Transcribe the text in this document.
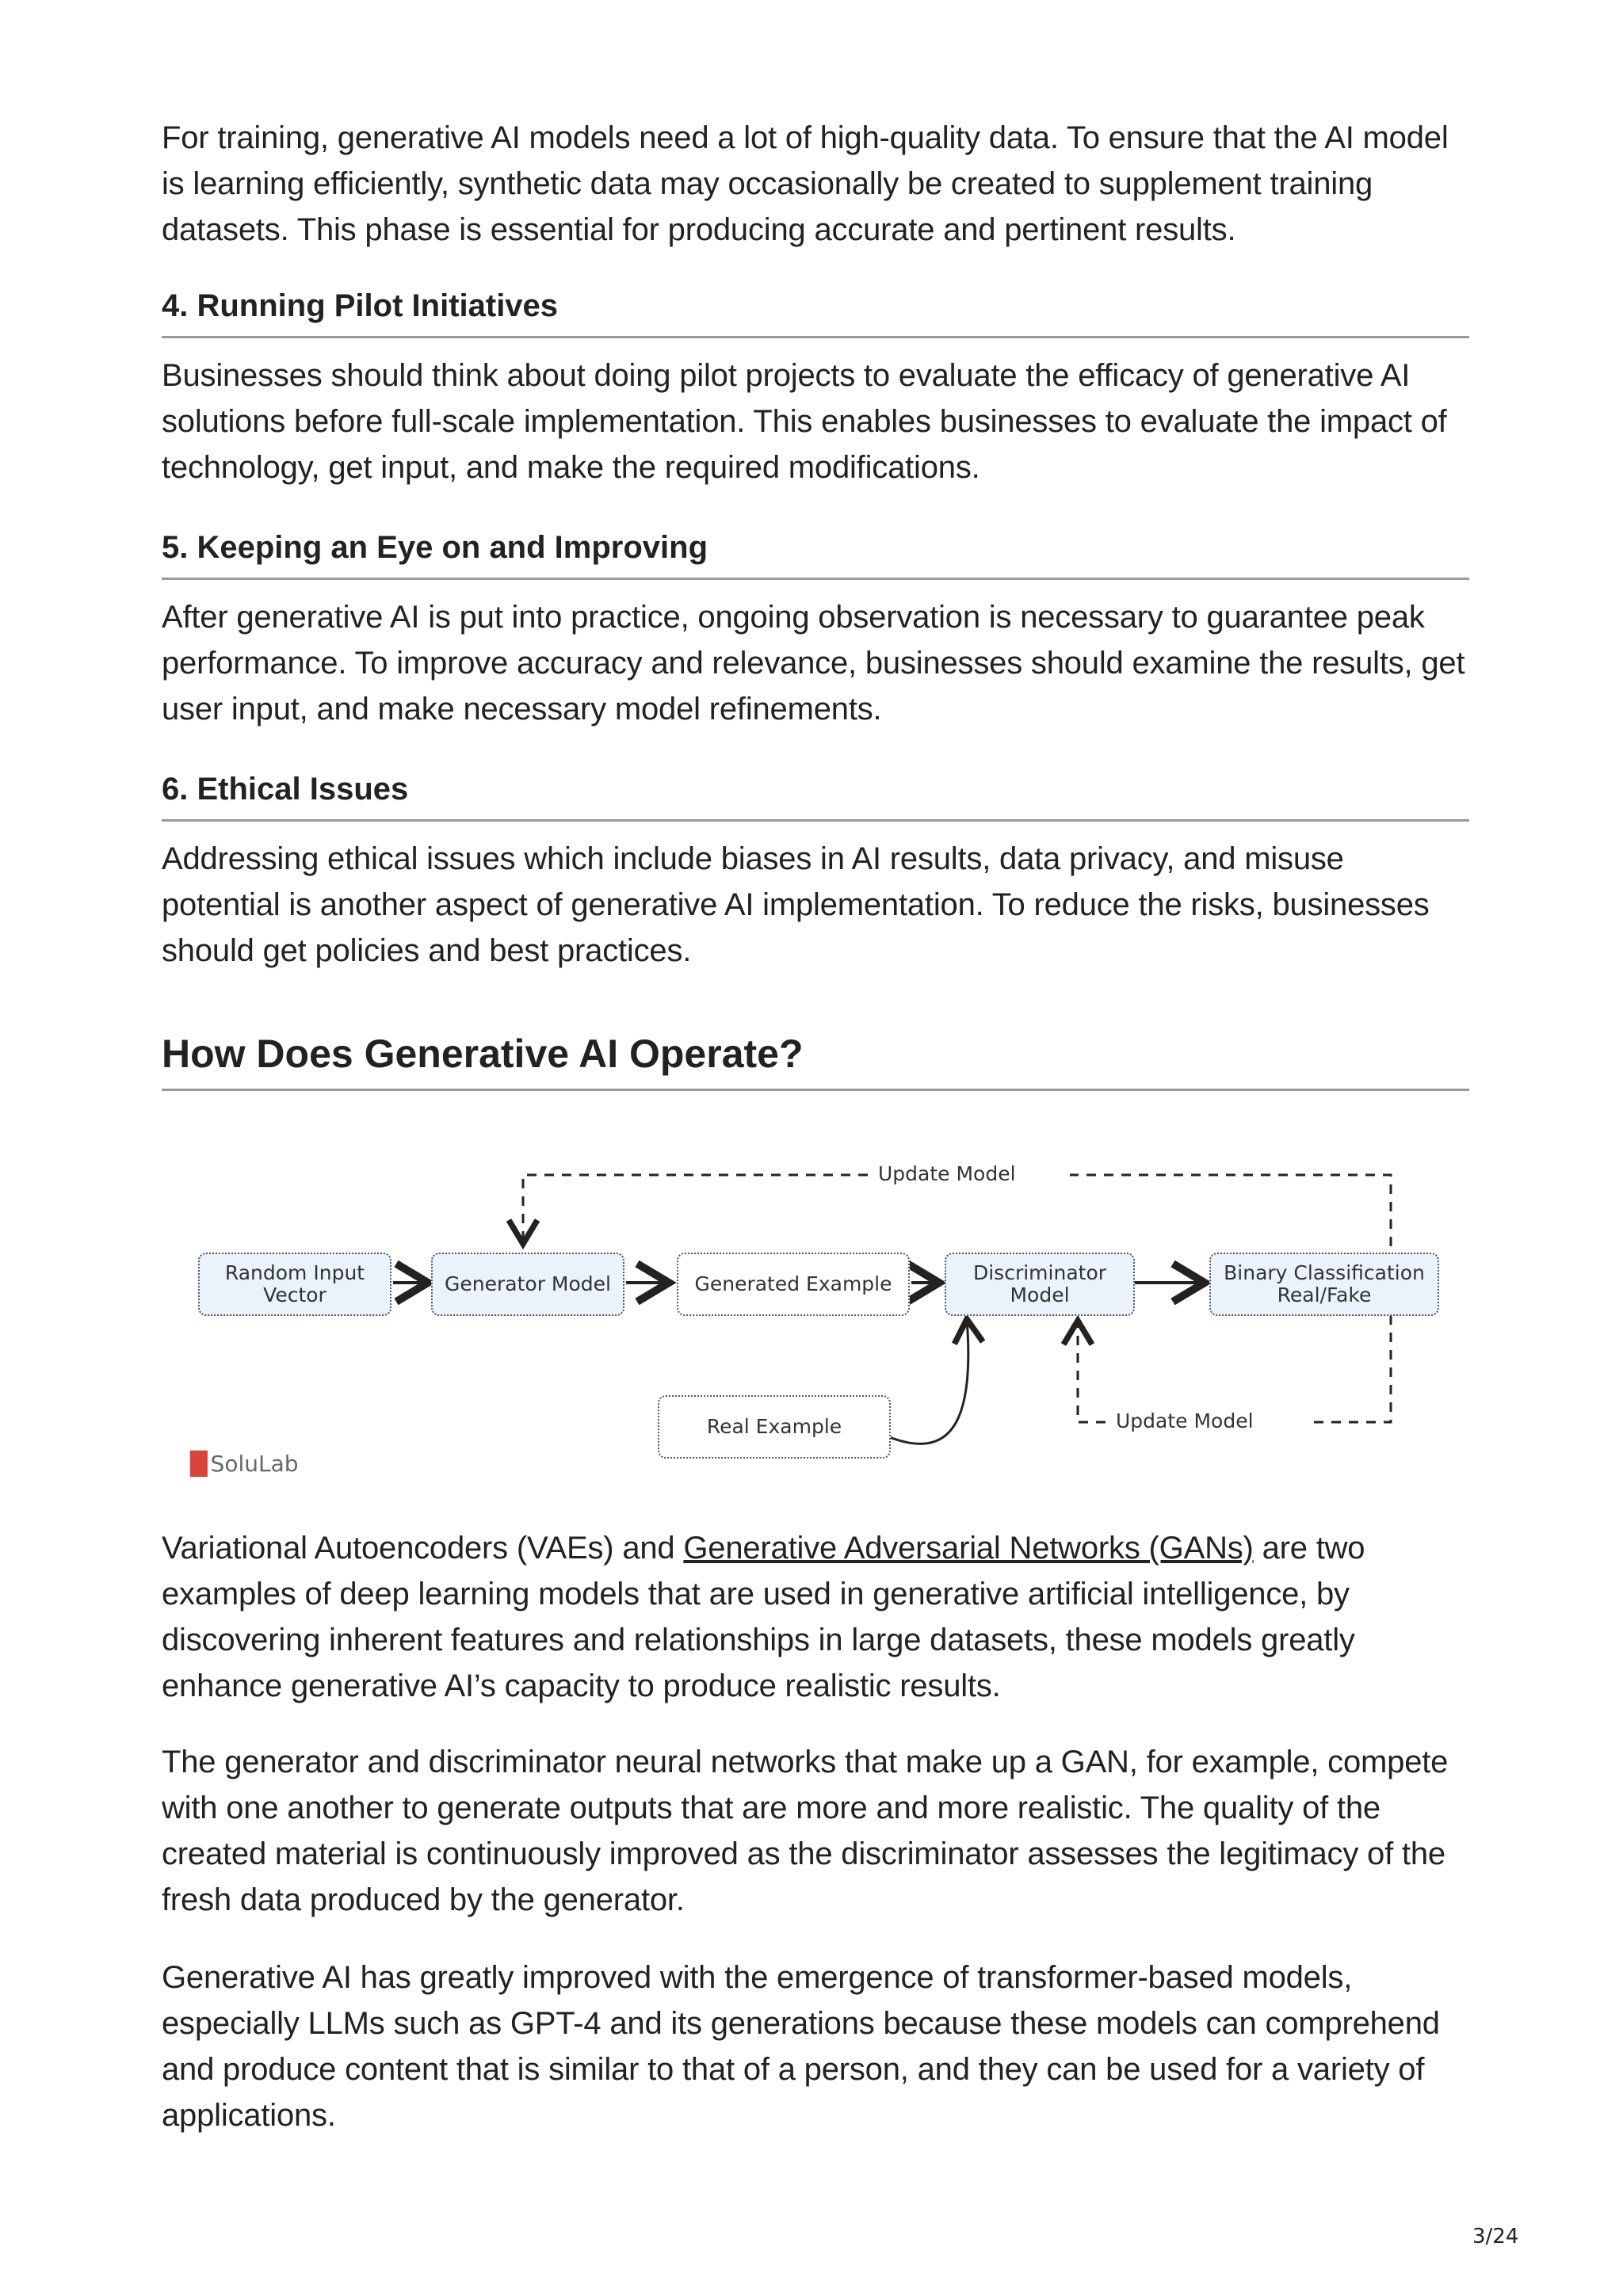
For training, generative AI models need a lot of high-quality data. To ensure that the AI model is learning efficiently, synthetic data may occasionally be created to supplement training datasets. This phase is essential for producing accurate and pertinent results.

4. Running Pilot Initiatives

Businesses should think about doing pilot projects to evaluate the efficacy of generative AI solutions before full-scale implementation. This enables businesses to evaluate the impact of technology, get input, and make the required modifications.

5. Keeping an Eye on and Improving

After generative AI is put into practice, ongoing observation is necessary to guarantee peak performance. To improve accuracy and relevance, businesses should examine the results, get user input, and make necessary model refinements.

6. Ethical Issues

Addressing ethical issues which include biases in AI results, data privacy, and misuse potential is another aspect of generative AI implementation. To reduce the risks, businesses should get policies and best practices.

How Does Generative AI Operate?
Update Model
Update Model
Random Input Vector	Generator Model	Generated Example	Discriminator Model
Binary Classification Real/Fake
Real Example
█ SoluLab

Variational Autoencoders (VAEs) and Generative Adversarial Networks (GANs) are two examples of deep learning models that are used in generative artificial intelligence, by discovering inherent features and relationships in large datasets, these models greatly enhance generative AI’s capacity to produce realistic results.

The generator and discriminator neural networks that make up a GAN, for example, compete with one another to generate outputs that are more and more realistic. The quality of the created material is continuously improved as the discriminator assesses the legitimacy of the fresh data produced by the generator.

Generative AI has greatly improved with the emergence of transformer-based models, especially LLMs such as GPT-4 and its generations because these models can comprehend and produce content that is similar to that of a person, and they can be used for a variety of applications.

3/24
